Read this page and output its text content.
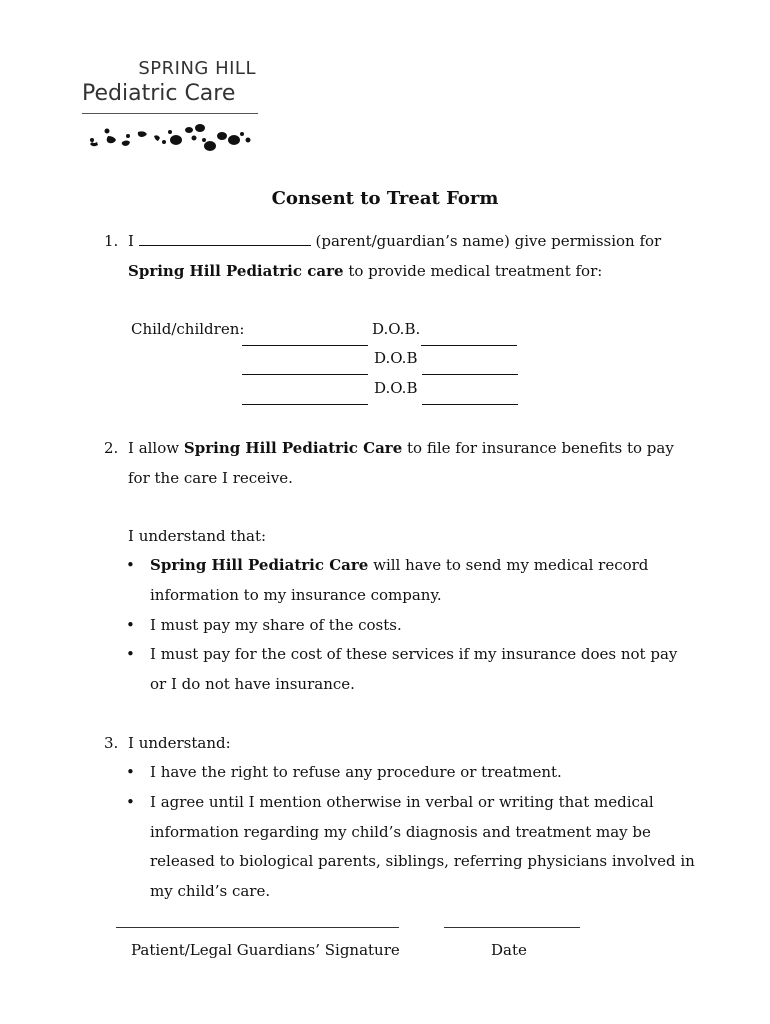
SPRING HILL
Pediatric Care
Consent to Treat Form
1. I	(parent/guardian’s name) give permission for Spring Hill Pediatric care to provide medical treatment for:
Child/children:	D.O.B.
D.O.B
D.O.B
2. I allow Spring Hill Pediatric Care to file for insurance benefits to pay for the care I receive.
I understand that:
• Spring Hill Pediatric Care will have to send my medical record information to my insurance company.
• I must pay my share of the costs.
• I must pay for the cost of these services if my insurance does not pay or I do not have insurance.
3. I understand:
• I have the right to refuse any procedure or treatment.
• I agree until I mention otherwise in verbal or writing that medical information regarding my child’s diagnosis and treatment may be released to biological parents, siblings, referring physicians involved in my child’s care.
Patient/Legal Guardians’ Signature	Date
